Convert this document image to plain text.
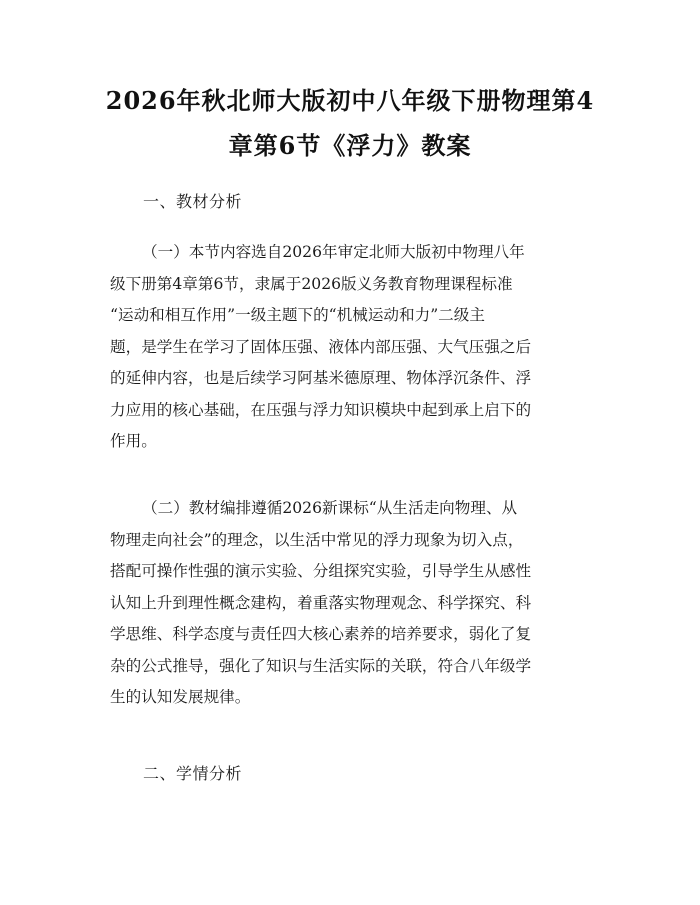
2026年秋北师大版初中八年级下册物理第4
章第6节《浮力》教案
一、教材分析
（一）本节内容选自2026年审定北师大版初中物理八年
级下册第4章第6节，隶属于2026版义务教育物理课程标准
“运动和相互作用”一级主题下的“机械运动和力”二级主
题，是学生在学习了固体压强、液体内部压强、大气压强之后
的延伸内容，也是后续学习阿基米德原理、物体浮沉条件、浮
力应用的核心基础，在压强与浮力知识模块中起到承上启下的
作用。
（二）教材编排遵循2026新课标“从生活走向物理、从
物理走向社会”的理念，以生活中常见的浮力现象为切入点，
搭配可操作性强的演示实验、分组探究实验，引导学生从感性
认知上升到理性概念建构，着重落实物理观念、科学探究、科
学思维、科学态度与责任四大核心素养的培养要求，弱化了复
杂的公式推导，强化了知识与生活实际的关联，符合八年级学
生的认知发展规律。
二、学情分析
